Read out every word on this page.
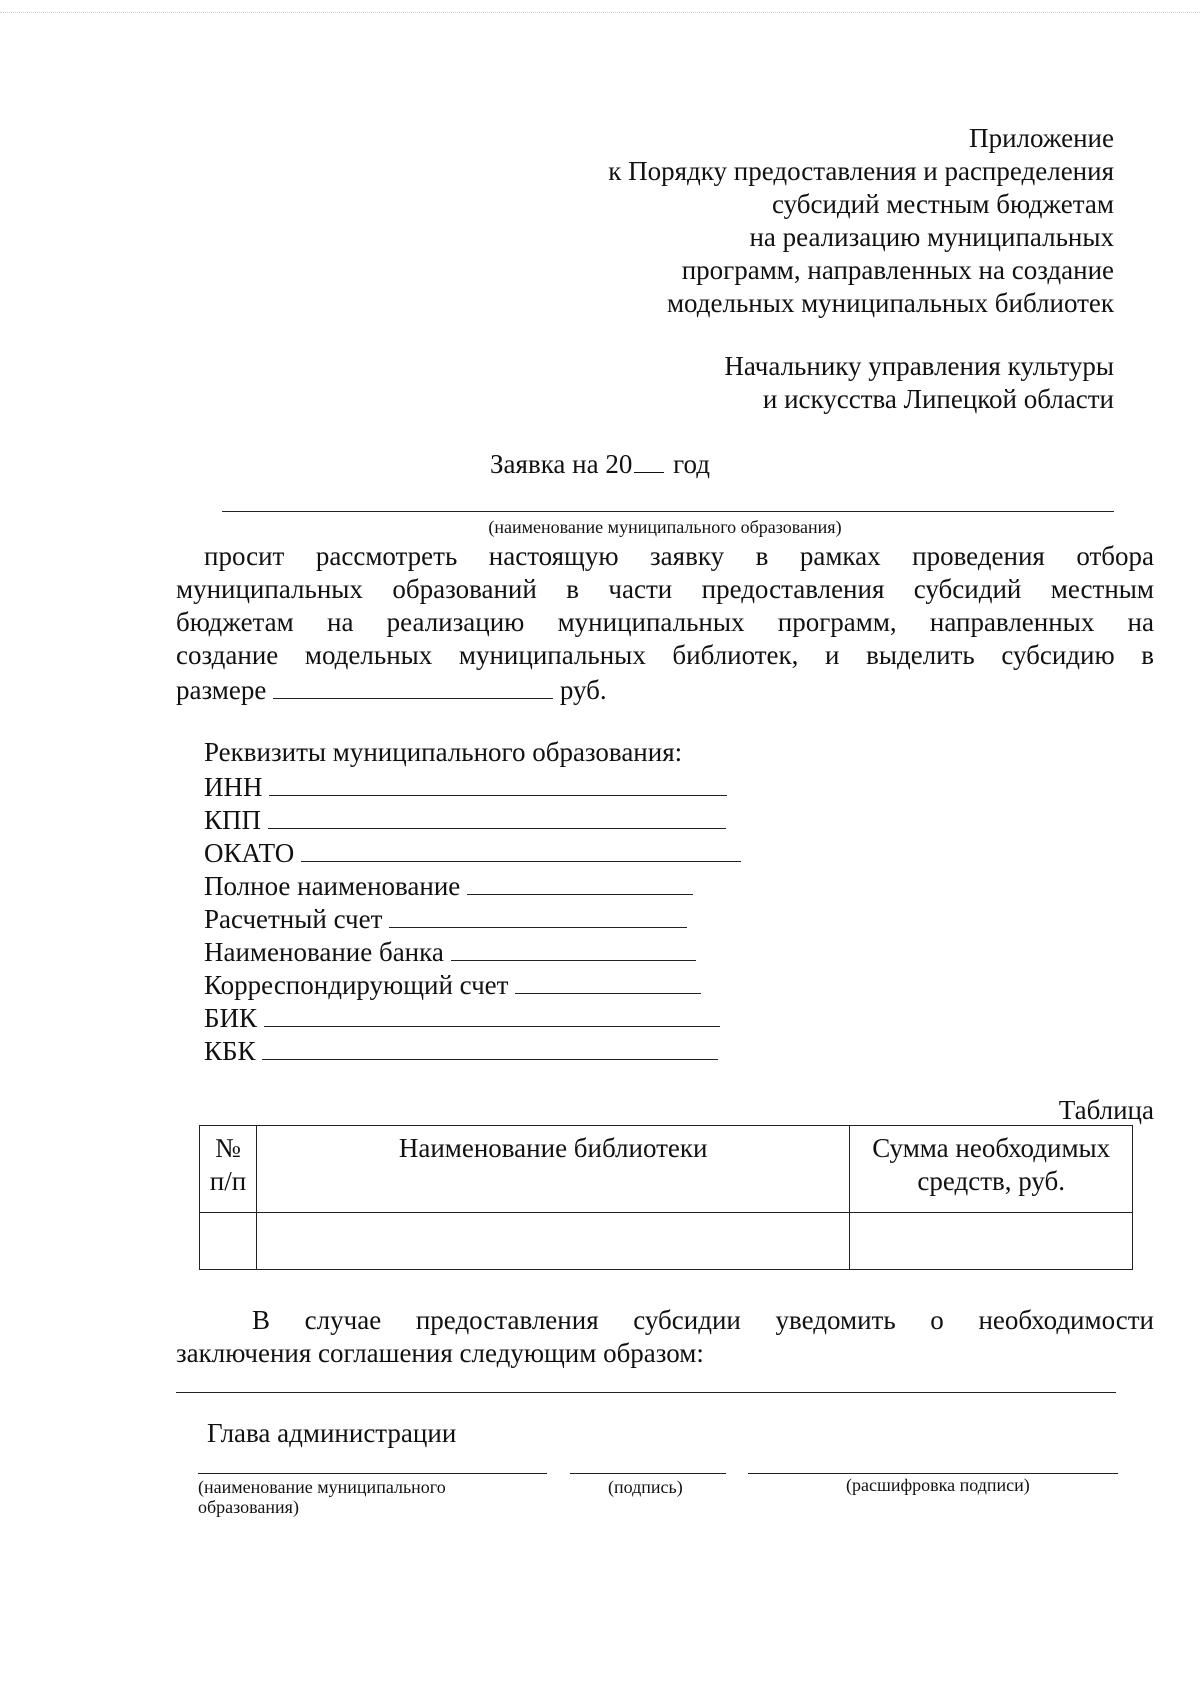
Приложение
к Порядку предоставления и распределения
субсидий местным бюджетам
на реализацию муниципальных
программ, направленных на создание
модельных муниципальных библиотек
Начальнику управления культуры
и искусства Липецкой области
Заявка на 20 год
(наименование муниципального образования)
просит рассмотреть настоящую заявку в рамках проведения отбора
муниципальных образований в части предоставления субсидий местным
бюджетам на реализацию муниципальных программ, направленных на
создание модельных муниципальных библиотек, и выделить субсидию в
размере	руб.
Реквизиты муниципального образования:
ИНН
КПП
ОКАТО
Полное наименование
Расчетный счет
Наименование банка
Корреспондирующий счет
БИК
КБК
Таблица
№ п/п	Наименование библиотеки	Сумма необходимых средств, руб.

В случае предоставления субсидии уведомить о необходимости
заключения соглашения следующим образом:
Глава администрации
(наименование муниципального образования)
(подпись)	(расшифровка подписи)
